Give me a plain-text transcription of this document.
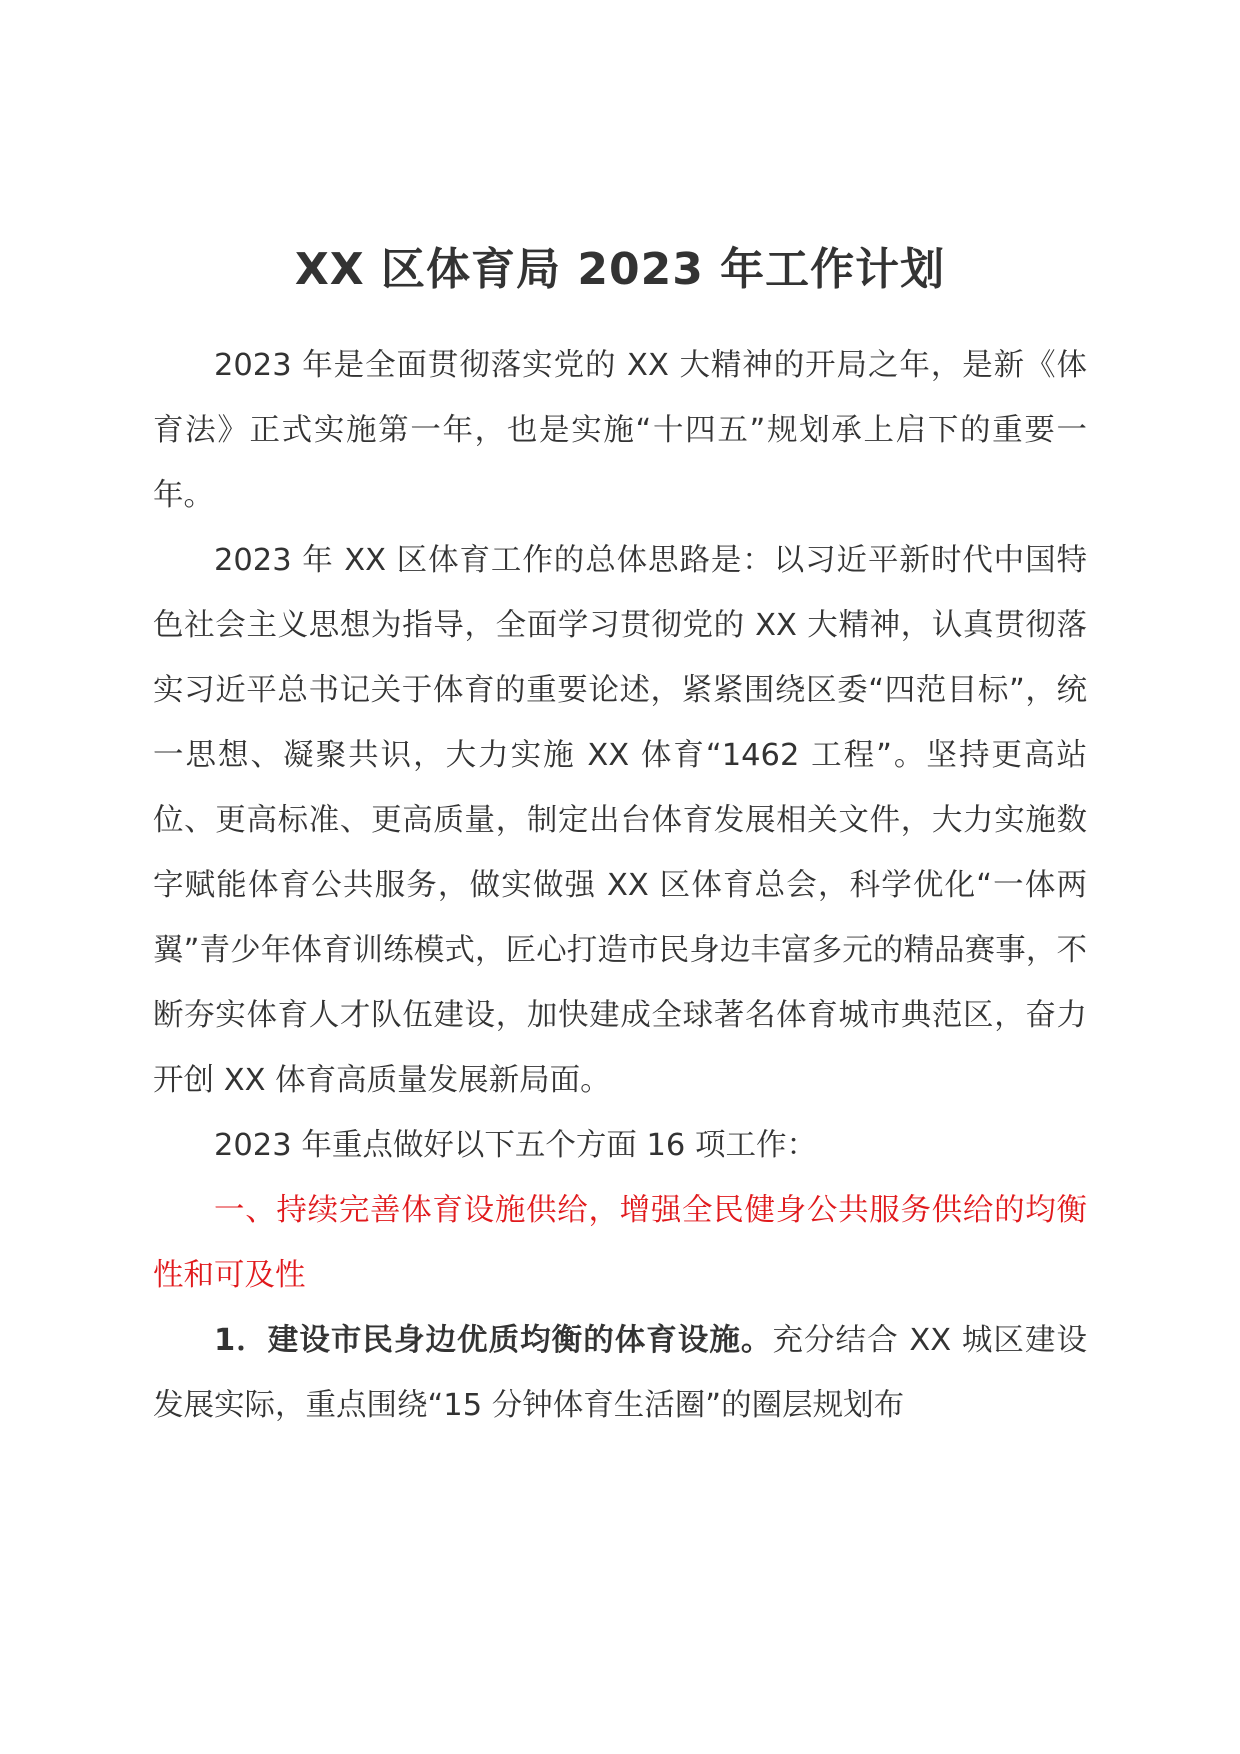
XX 区体育局 2023 年工作计划

2023 年是全面贯彻落实党的 XX 大精神的开局之年，是新《体育法》正式实施第一年，也是实施“十四五”规划承上启下的重要一年。

2023 年 XX 区体育工作的总体思路是：以习近平新时代中国特色社会主义思想为指导，全面学习贯彻党的 XX 大精神，认真贯彻落实习近平总书记关于体育的重要论述，紧紧围绕区委“四范目标”，统一思想、凝聚共识，大力实施 XX 体育“1462 工程”。坚持更高站位、更高标准、更高质量，制定出台体育发展相关文件，大力实施数字赋能体育公共服务，做实做强 XX 区体育总会，科学优化“一体两翼”青少年体育训练模式，匠心打造市民身边丰富多元的精品赛事，不断夯实体育人才队伍建设，加快建成全球著名体育城市典范区，奋力开创 XX 体育高质量发展新局面。

2023 年重点做好以下五个方面 16 项工作：

一、持续完善体育设施供给，增强全民健身公共服务供给的均衡性和可及性

1．建设市民身边优质均衡的体育设施。充分结合 XX 城区建设发展实际，重点围绕“15 分钟体育生活圈”的圈层规划布
